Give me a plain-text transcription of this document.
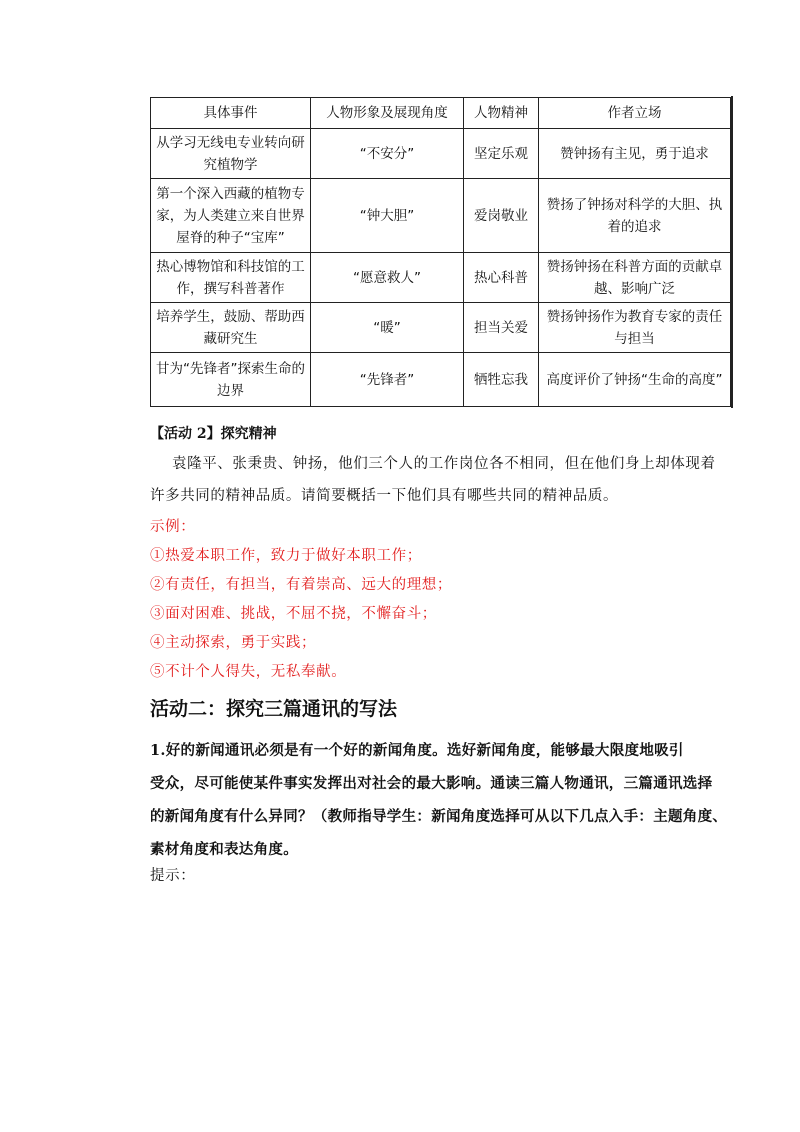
具体事件	人物形象及展现角度	人物精神	作者立场
从学习无线电专业转向研究植物学	“不安分”	坚定乐观	赞钟扬有主见，勇于追求
第一个深入西藏的植物专家，为人类建立来自世界屋脊的种子“宝库”	“钟大胆”	爱岗敬业	赞扬了钟扬对科学的大胆、执着的追求
热心博物馆和科技馆的工作，撰写科普著作	“愿意救人”	热心科普	赞扬钟扬在科普方面的贡献卓越、影响广泛
培养学生，鼓励、帮助西藏研究生	“暖”	担当关爱	赞扬钟扬作为教育专家的责任与担当
甘为“先锋者”探索生命的边界	“先锋者”	牺牲忘我	高度评价了钟扬“生命的高度”
【活动 2】探究精神
袁隆平、张秉贵、钟扬，他们三个人的工作岗位各不相同，但在他们身上却体现着
许多共同的精神品质。请简要概括一下他们具有哪些共同的精神品质。
示例：
①热爱本职工作，致力于做好本职工作；
②有责任，有担当，有着崇高、远大的理想；
③面对困难、挑战，不屈不挠，不懈奋斗；
④主动探索，勇于实践；
⑤不计个人得失，无私奉献。
活动二：探究三篇通讯的写法
1.好的新闻通讯必须是有一个好的新闻角度。选好新闻角度，能够最大限度地吸引
受众，尽可能使某件事实发挥出对社会的最大影响。通读三篇人物通讯，三篇通讯选择
的新闻角度有什么异同？（教师指导学生：新闻角度选择可从以下几点入手：主题角度、
素材角度和表达角度。
提示：
